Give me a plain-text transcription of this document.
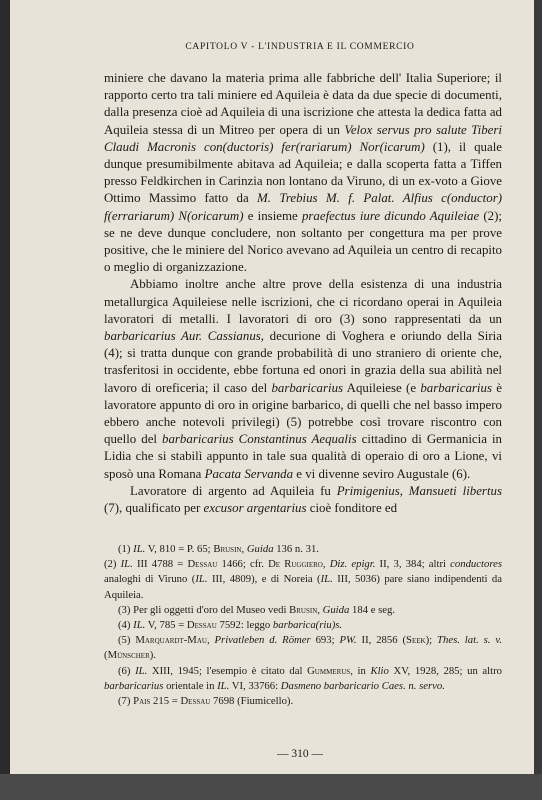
CAPITOLO V - L'INDUSTRIA E IL COMMERCIO

miniere che davano la materia prima alle fabbriche dell' Italia Superiore; il rapporto certo tra tali miniere ed Aquileia è data da due specie di documenti, dalla presenza cioè ad Aquileia di una iscrizione che attesta la dedica fatta ad Aquileia stessa di un Mitreo per opera di un Velox servus pro salute Tiberi Claudi Macronis con(ductoris) fer(rariarum) Nor(icarum) (1), il quale dunque presumibilmente abitava ad Aquileia; e dalla scoperta fatta a Tiffen presso Feldkirchen in Carinzia non lontano da Viruno, di un ex-voto a Giove Ottimo Massimo fatto da M. Trebius M. f. Palat. Alfius c(onductor) f(errariarum) N(oricarum) e insieme praefectus iure dicundo Aquileiae (2); se ne deve dunque concludere, non soltanto per congettura ma per prove positive, che le miniere del Norico avevano ad Aquileia un centro di recapito o meglio di organizzazione.

Abbiamo inoltre anche altre prove della esistenza di una industria metallurgica Aquileiese nelle iscrizioni, che ci ricordano operai in Aquileia lavoratori di metalli. I lavoratori di oro (3) sono rappresentati da un barbaricarius Aur. Cassianus, decurione di Voghera e oriundo della Siria (4); si tratta dunque con grande probabilità di uno straniero di oriente che, trasferitosi in occidente, ebbe fortuna ed onori in grazia della sua abilità nel lavoro di oreficeria; il caso del barbaricarius Aquileiese (e barbaricarius è lavoratore appunto di oro in origine barbarico, di quelli che nel basso impero ebbero anche notevoli privilegi) (5) potrebbe così trovare riscontro con quello del barbaricarius Constantinus Aequalis cittadino di Germanicia in Lidia che si stabilì appunto in tale sua qualità di operaio di oro a Lione, vi sposò una Romana Pacata Servanda e vi divenne seviro Augustale (6).

Lavoratore di argento ad Aquileia fu Primigenius, Mansueti libertus (7), qualificato per excusor argentarius cioè fonditore ed

(1) IL. V, 810 = P. 65; Brusin, Guida 136 n. 31.

(2) IL. III 4788 = Dessau 1466; cfr. De Ruggiero, Diz. epigr. II, 3, 384; altri conductores analoghi di Viruno (IL. III, 4809), e di Noreia (IL. III, 5036) pare siano indipendenti da Aquileia.

(3) Per gli oggetti d'oro del Museo vedi Brusin, Guida 184 e seg.

(4) IL. V, 785 = Dessau 7592: leggo barbarica(riu)s.

(5) Marquardt-Mau, Privatleben d. Römer 693; PW. II, 2856 (Seek); Thes. lat. s. v. (Münscher).

(6) IL. XIII, 1945; l'esempio è citato dal Gummerus, in Klio XV, 1928, 285; un altro barbaricarius orientale in IL. VI, 33766: Dasmeno barbaricario Caes. n. servo.

(7) Pais 215 = Dessau 7698 (Fiumicello).

— 310 —
